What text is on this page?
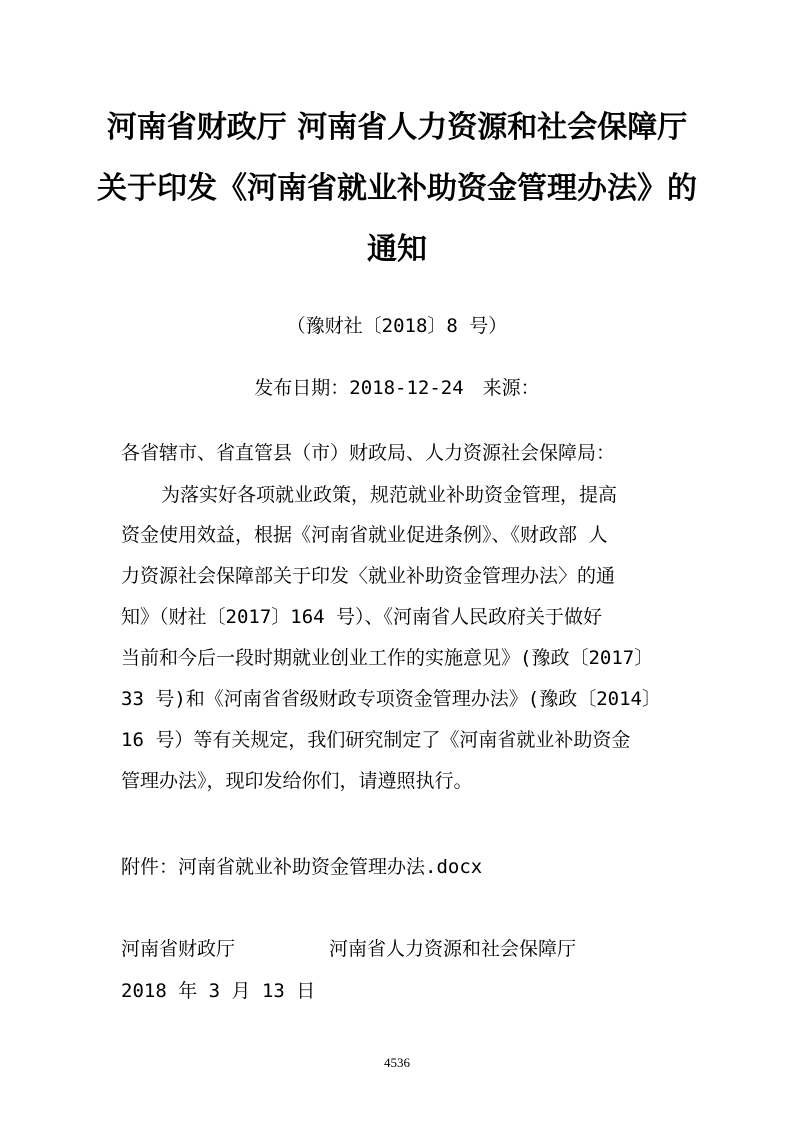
河南省财政厅 河南省人力资源和社会保障厅
关于印发《河南省就业补助资金管理办法》的
通知
（豫财社〔2018〕8 号）
发布日期：2018-12-24　来源：
各省辖市、省直管县（市）财政局、人力资源社会保障局：
为落实好各项就业政策，规范就业补助资金管理，提高
资金使用效益，根据《河南省就业促进条例》、《财政部 人
力资源社会保障部关于印发〈就业补助资金管理办法〉的通
知》（财社〔2017〕164 号）、《河南省人民政府关于做好
当前和今后一段时期就业创业工作的实施意见》(豫政〔2017〕
33 号)和《河南省省级财政专项资金管理办法》(豫政〔2014〕
16 号）等有关规定，我们研究制定了《河南省就业补助资金
管理办法》，现印发给你们，请遵照执行。
附件：河南省就业补助资金管理办法.docx
河南省财政厅	河南省人力资源和社会保障厅
2018 年 3 月 13 日
4536
